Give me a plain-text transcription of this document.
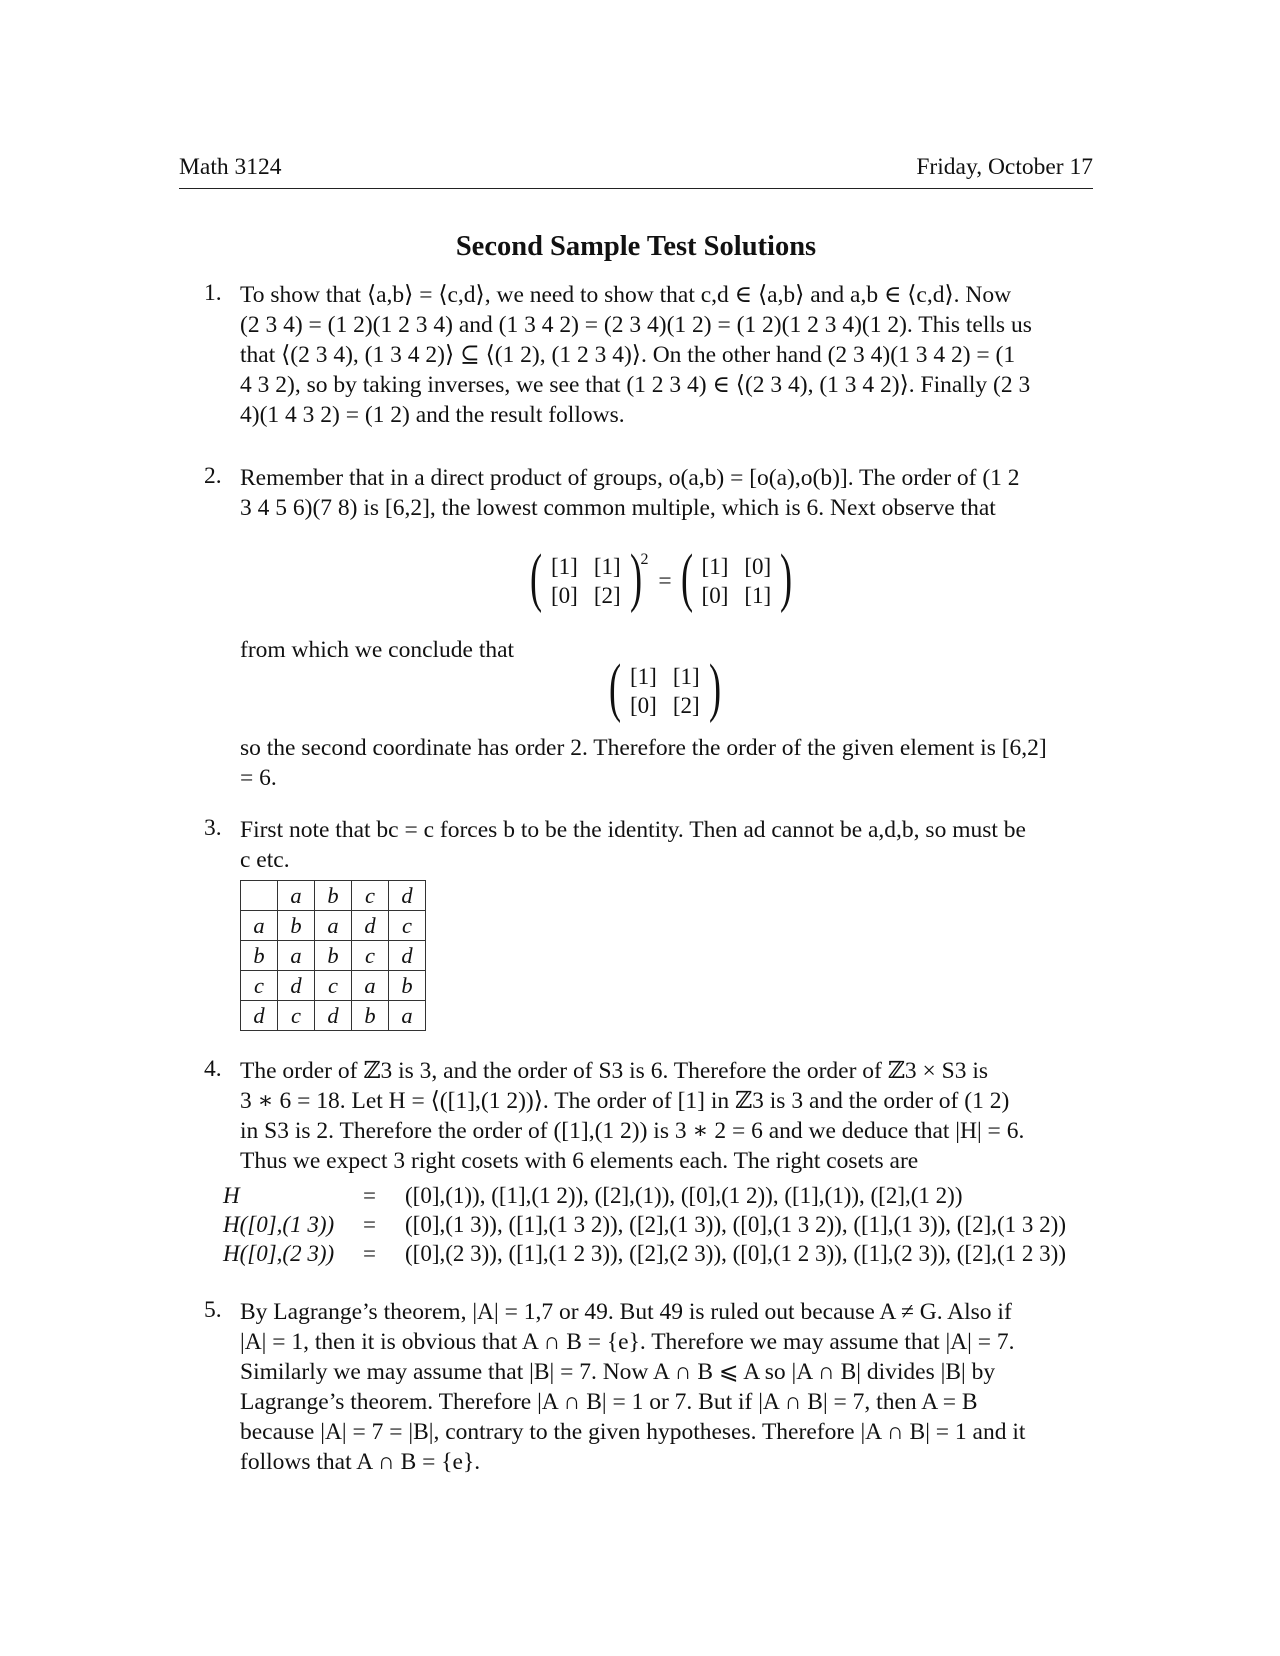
Math 3124	Friday, October 17
Second Sample Test Solutions
1. To show that ⟨a,b⟩ = ⟨c,d⟩, we need to show that c,d ∈ ⟨a,b⟩ and a,b ∈ ⟨c,d⟩. Now
(2 3 4) = (1 2)(1 2 3 4) and (1 3 4 2) = (2 3 4)(1 2) = (1 2)(1 2 3 4)(1 2). This tells us
that ⟨(2 3 4), (1 3 4 2)⟩ ⊆ ⟨(1 2), (1 2 3 4)⟩. On the other hand (2 3 4)(1 3 4 2) = (1
4 3 2), so by taking inverses, we see that (1 2 3 4) ∈ ⟨(2 3 4), (1 3 4 2)⟩. Finally (2 3
4)(1 4 3 2) = (1 2) and the result follows.
2. Remember that in a direct product of groups, o(a,b) = [o(a),o(b)]. The order of (1 2
3 4 5 6)(7 8) is [6,2], the lowest common multiple, which is 6. Next observe that
( [1]	[1]
[0]	[2] )
$^2$ = ( [1]	[0]
[0]	[1] )
from which we conclude that
( [1]	[1]
[0]	[2] )
so the second coordinate has order 2. Therefore the order of the given element is [6,2]
= 6.
3. First note that bc = c forces b to be the identity. Then ad cannot be a,d,b, so must be
c etc.
	a	b	c	d
a	b	a	d	c
b	a	b	c	d
c	d	c	a	b
d	c	d	b	a
4. The order of ℤ3 is 3, and the order of S3 is 6. Therefore the order of ℤ3 × S3 is
3 ∗ 6 = 18. Let H = ⟨([1],(1 2))⟩. The order of [1] in ℤ3 is 3 and the order of (1 2)
in S3 is 2. Therefore the order of ([1],(1 2)) is 3 ∗ 2 = 6 and we deduce that |H| = 6.
Thus we expect 3 right cosets with 6 elements each. The right cosets are
H	=	([0],(1)), ([1],(1 2)), ([2],(1)), ([0],(1 2)), ([1],(1)), ([2],(1 2))
H([0],(1 3))	=	([0],(1 3)), ([1],(1 3 2)), ([2],(1 3)), ([0],(1 3 2)), ([1],(1 3)), ([2],(1 3 2))
H([0],(2 3))	=	([0],(2 3)), ([1],(1 2 3)), ([2],(2 3)), ([0],(1 2 3)), ([1],(2 3)), ([2],(1 2 3))
5. By Lagrange’s theorem, |A| = 1,7 or 49. But 49 is ruled out because A ≠ G. Also if
|A| = 1, then it is obvious that A ∩ B = {e}. Therefore we may assume that |A| = 7.
Similarly we may assume that |B| = 7. Now A ∩ B ⩽ A so |A ∩ B| divides |B| by
Lagrange’s theorem. Therefore |A ∩ B| = 1 or 7. But if |A ∩ B| = 7, then A = B
because |A| = 7 = |B|, contrary to the given hypotheses. Therefore |A ∩ B| = 1 and it
follows that A ∩ B = {e}.
